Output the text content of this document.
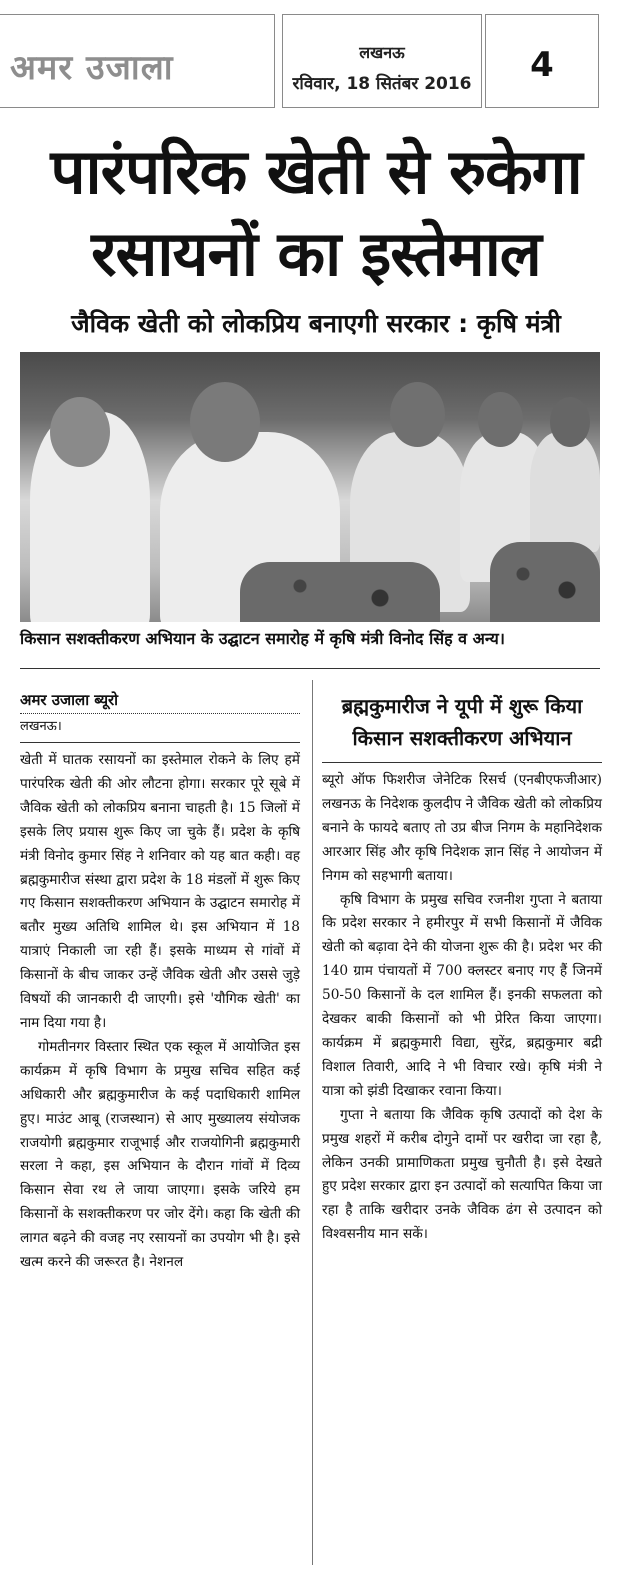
अमर उजाला	लखनऊ
रविवार, 18 सितंबर 2016	4
पारंपरिक खेती से रुकेगा
रसायनों का इस्तेमाल
जैविक खेती को लोकप्रिय बनाएगी सरकार : कृषि मंत्री
किसान सशक्तीकरण अभियान के उद्घाटन समारोह में कृषि मंत्री विनोद सिंह व अन्य।
अमर उजाला ब्यूरो
लखनऊ।

खेती में घातक रसायनों का इस्तेमाल रोकने के लिए हमें पारंपरिक खेती की ओर लौटना होगा। सरकार पूरे सूबे में जैविक खेती को लोकप्रिय बनाना चाहती है। 15 जिलों में इसके लिए प्रयास शुरू किए जा चुके हैं। प्रदेश के कृषि मंत्री विनोद कुमार सिंह ने शनिवार को यह बात कही। वह ब्रह्मकुमारीज संस्था द्वारा प्रदेश के 18 मंडलों में शुरू किए गए किसान सशक्तीकरण अभियान के उद्घाटन समारोह में बतौर मुख्य अतिथि शामिल थे। इस अभियान में 18 यात्राएं निकाली जा रही हैं। इसके माध्यम से गांवों में किसानों के बीच जाकर उन्हें जैविक खेती और उससे जुड़े विषयों की जानकारी दी जाएगी। इसे 'यौगिक खेती' का नाम दिया गया है।

गोमतीनगर विस्तार स्थित एक स्कूल में आयोजित इस कार्यक्रम में कृषि विभाग के प्रमुख सचिव सहित कई अधिकारी और ब्रह्मकुमारीज के कई पदाधिकारी शामिल हुए। माउंट आबू (राजस्थान) से आए मुख्यालय संयोजक राजयोगी ब्रह्मकुमार राजूभाई और राजयोगिनी ब्रह्मकुमारी सरला ने कहा, इस अभियान के दौरान गांवों में दिव्य किसान सेवा रथ ले जाया जाएगा। इसके जरिये हम किसानों के सशक्तीकरण पर जोर देंगे। कहा कि खेती की लागत बढ़ने की वजह नए रसायनों का उपयोग भी है। इसे खत्म करने की जरूरत है। नेशनल

ब्रह्मकुमारीज ने यूपी में शुरू किया किसान सशक्तीकरण अभियान

ब्यूरो ऑफ फिशरीज जेनेटिक रिसर्च (एनबीएफजीआर) लखनऊ के निदेशक कुलदीप ने जैविक खेती को लोकप्रिय बनाने के फायदे बताए तो उप्र बीज निगम के महानिदेशक आरआर सिंह और कृषि निदेशक ज्ञान सिंह ने आयोजन में निगम को सहभागी बताया।

कृषि विभाग के प्रमुख सचिव रजनीश गुप्ता ने बताया कि प्रदेश सरकार ने हमीरपुर में सभी किसानों में जैविक खेती को बढ़ावा देने की योजना शुरू की है। प्रदेश भर की 140 ग्राम पंचायतों में 700 क्लस्टर बनाए गए हैं जिनमें 50-50 किसानों के दल शामिल हैं। इनकी सफलता को देखकर बाकी किसानों को भी प्रेरित किया जाएगा। कार्यक्रम में ब्रह्मकुमारी विद्या, सुरेंद्र, ब्रह्मकुमार बद्री विशाल तिवारी, आदि ने भी विचार रखे। कृषि मंत्री ने यात्रा को झंडी दिखाकर रवाना किया।

गुप्ता ने बताया कि जैविक कृषि उत्पादों को देश के प्रमुख शहरों में करीब दोगुने दामों पर खरीदा जा रहा है, लेकिन उनकी प्रामाणिकता प्रमुख चुनौती है। इसे देखते हुए प्रदेश सरकार द्वारा इन उत्पादों को सत्यापित किया जा रहा है ताकि खरीदार उनके जैविक ढंग से उत्पादन को विश्वसनीय मान सकें।
